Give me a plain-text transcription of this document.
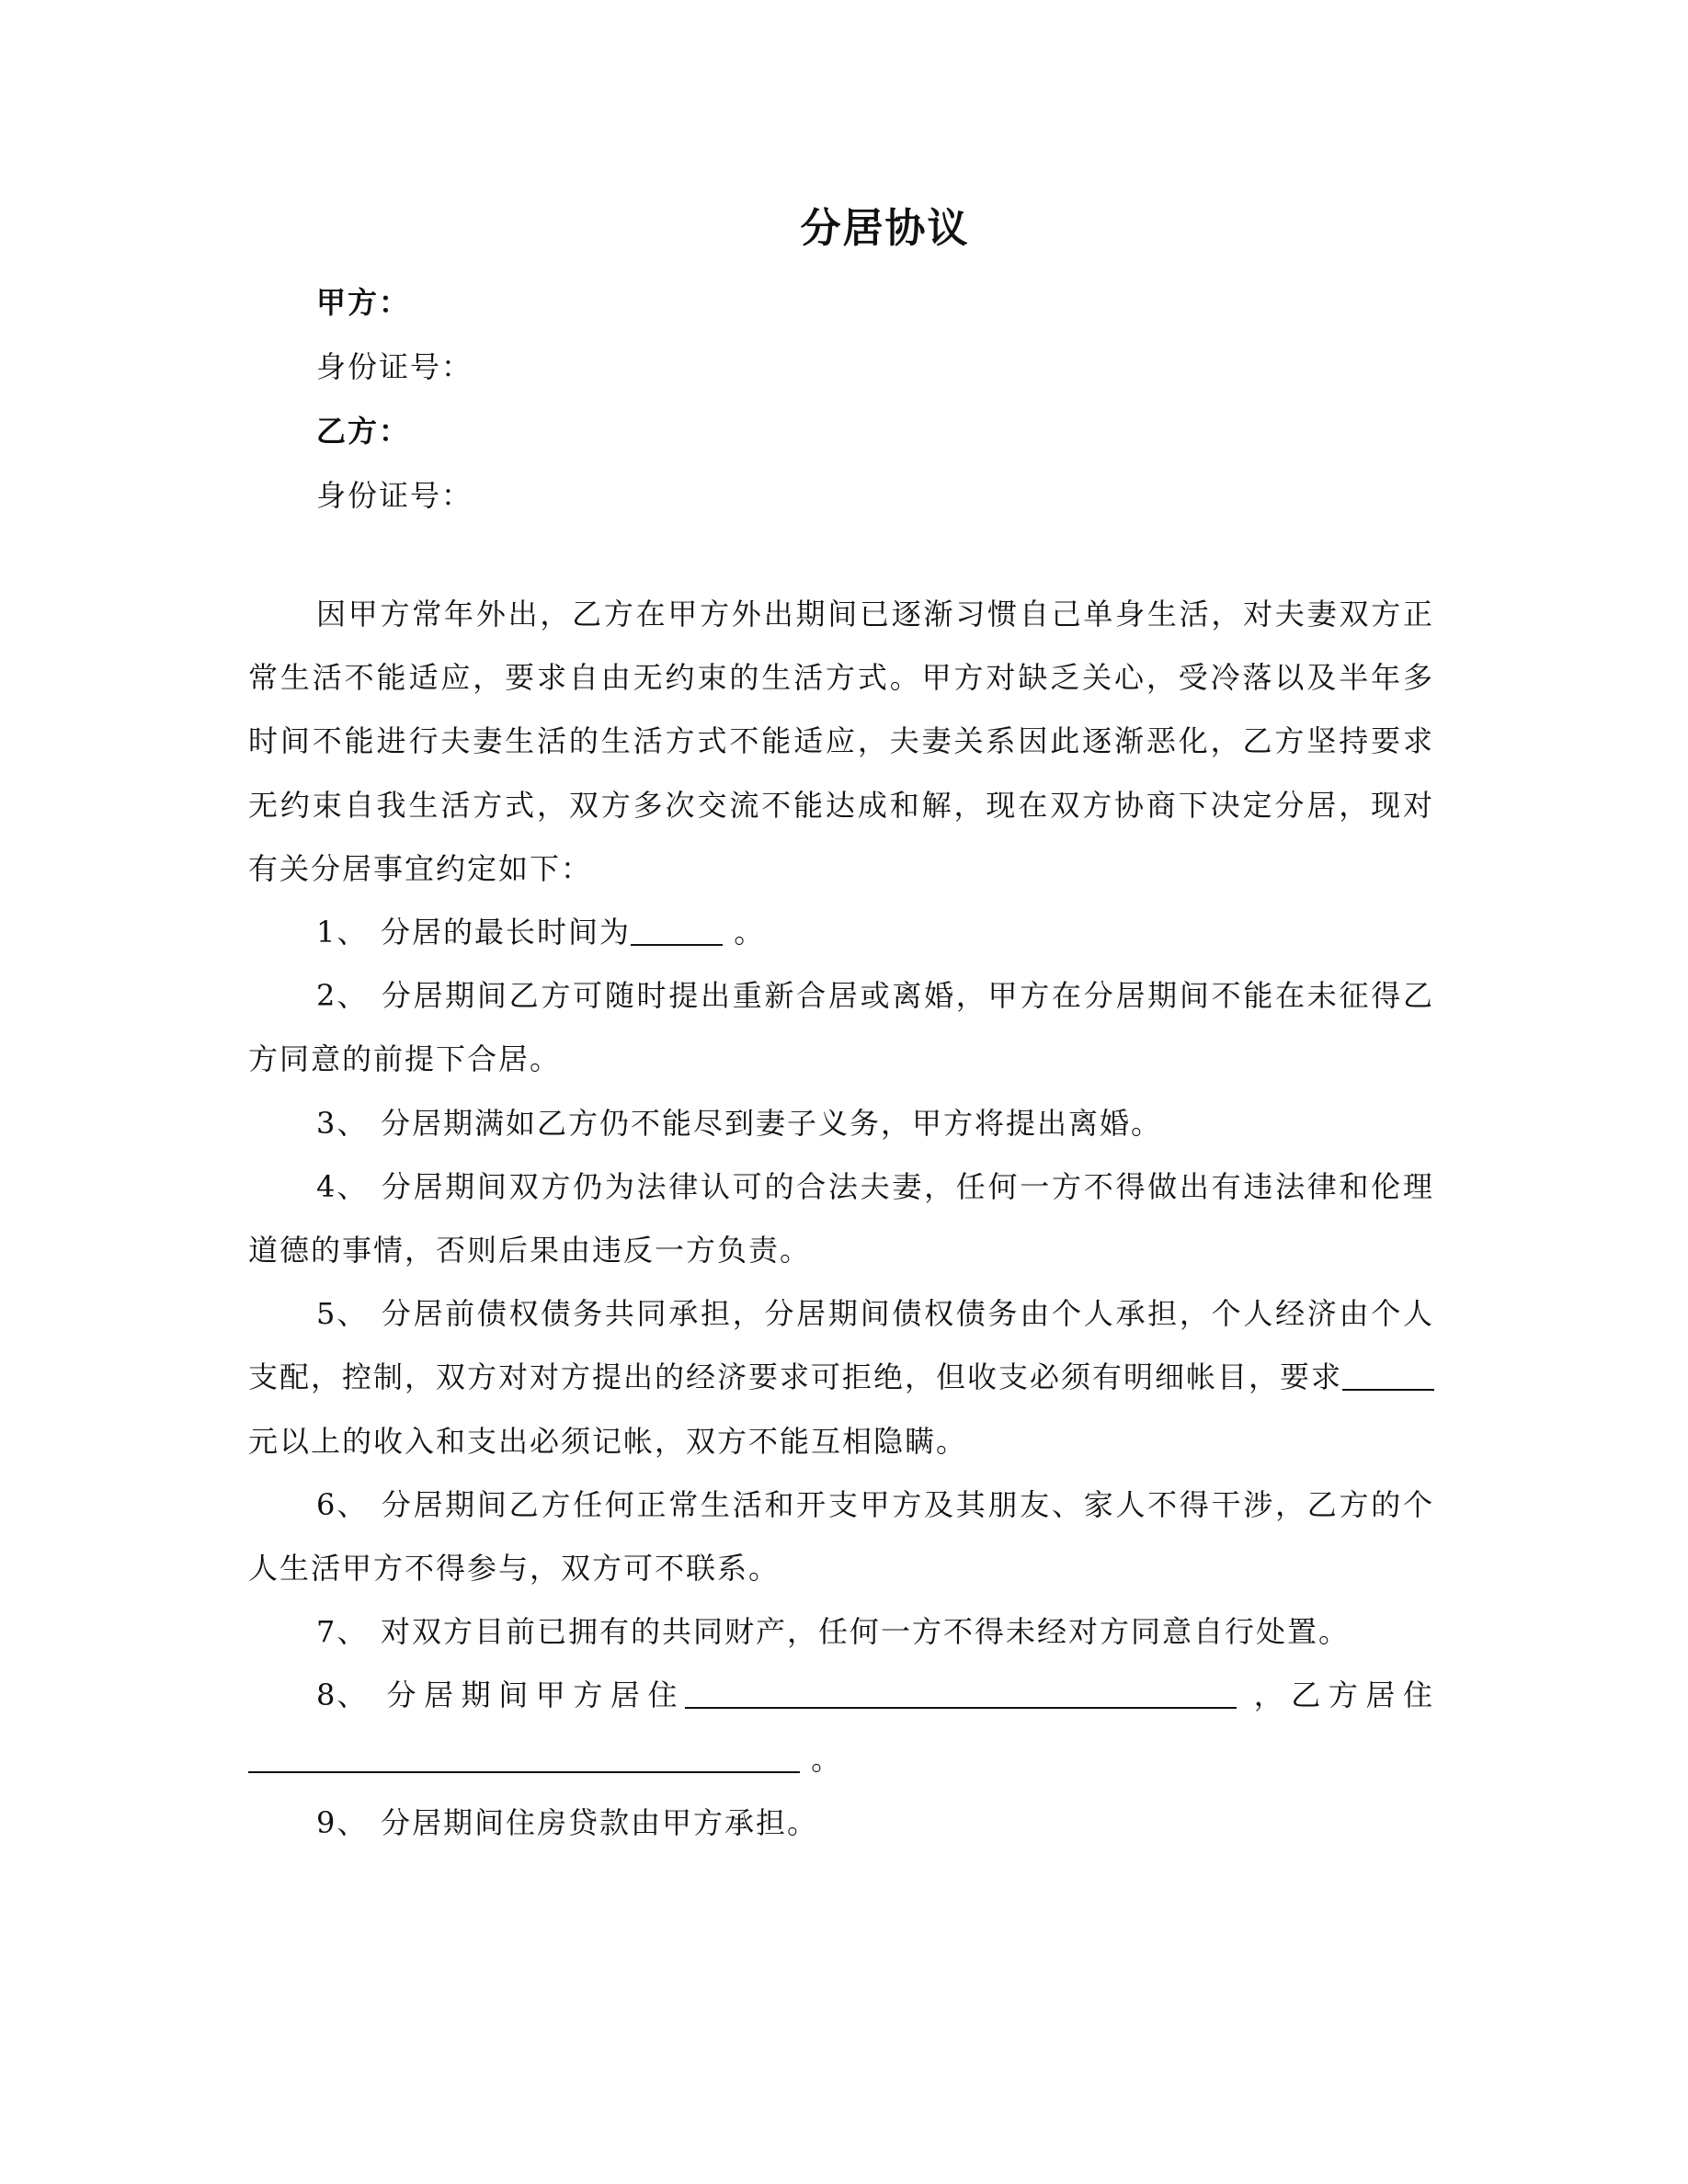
分居协议
甲方：
身份证号：
乙方：
身份证号：

因甲方常年外出，乙方在甲方外出期间已逐渐习惯自己单身生活，对夫妻双方正常生活不能适应，要求自由无约束的生活方式。甲方对缺乏关心，受冷落以及半年多时间不能进行夫妻生活的生活方式不能适应，夫妻关系因此逐渐恶化，乙方坚持要求无约束自我生活方式，双方多次交流不能达成和解，现在双方协商下决定分居，现对有关分居事宜约定如下：

1、 分居的最长时间为	。

2、 分居期间乙方可随时提出重新合居或离婚，甲方在分居期间不能在未征得乙方同意的前提下合居。

3、 分居期满如乙方仍不能尽到妻子义务，甲方将提出离婚。

4、 分居期间双方仍为法律认可的合法夫妻，任何一方不得做出有违法律和伦理道德的事情，否则后果由违反一方负责。

5、 分居前债权债务共同承担，分居期间债权债务由个人承担，个人经济由个人支配，控制，双方对对方提出的经济要求可拒绝，但收支必须有明细帐目，要求 元以上的收入和支出必须记帐，双方不能互相隐瞒。

6、 分居期间乙方任何正常生活和开支甲方及其朋友、家人不得干涉，乙方的个人生活甲方不得参与，双方可不联系。

7、 对双方目前已拥有的共同财产，任何一方不得未经对方同意自行处置。

8、 分居期间甲方居住	，乙方居住 。

9、 分居期间住房贷款由甲方承担。
